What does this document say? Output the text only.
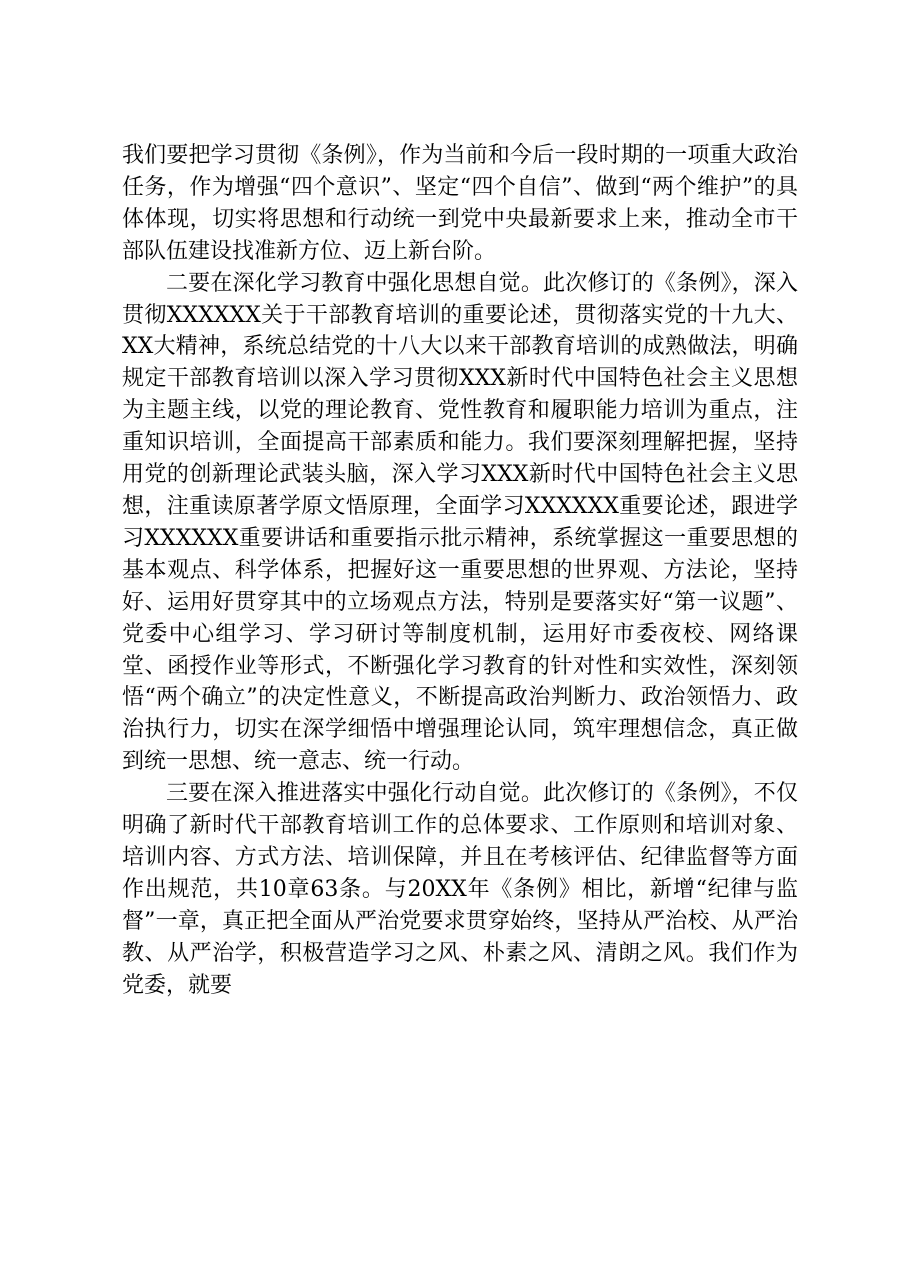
我们要把学习贯彻《条例》，作为当前和今后一段时期的一项重大政治任务，作为增强“四个意识”、坚定“四个自信”、做到“两个维护”的具体体现，切实将思想和行动统一到党中央最新要求上来，推动全市干部队伍建设找准新方位、迈上新台阶。

二要在深化学习教育中强化思想自觉。此次修订的《条例》，深入贯彻XXXXXX关于干部教育培训的重要论述，贯彻落实党的十九大、XX大精神，系统总结党的十八大以来干部教育培训的成熟做法，明确规定干部教育培训以深入学习贯彻XXX新时代中国特色社会主义思想为主题主线，以党的理论教育、党性教育和履职能力培训为重点，注重知识培训，全面提高干部素质和能力。我们要深刻理解把握，坚持用党的创新理论武装头脑，深入学习XXX新时代中国特色社会主义思想，注重读原著学原文悟原理，全面学习XXXXXX重要论述，跟进学习XXXXXX重要讲话和重要指示批示精神，系统掌握这一重要思想的基本观点、科学体系，把握好这一重要思想的世界观、方法论，坚持好、运用好贯穿其中的立场观点方法，特别是要落实好“第一议题”、党委中心组学习、学习研讨等制度机制，运用好市委夜校、网络课堂、函授作业等形式，不断强化学习教育的针对性和实效性，深刻领悟“两个确立”的决定性意义，不断提高政治判断力、政治领悟力、政治执行力，切实在深学细悟中增强理论认同，筑牢理想信念，真正做到统一思想、统一意志、统一行动。

三要在深入推进落实中强化行动自觉。此次修订的《条例》，不仅明确了新时代干部教育培训工作的总体要求、工作原则和培训对象、培训内容、方式方法、培训保障，并且在考核评估、纪律监督等方面作出规范，共10章63条。与20XX年《条例》相比，新增“纪律与监督”一章，真正把全面从严治党要求贯穿始终，坚持从严治校、从严治教、从严治学，积极营造学习之风、朴素之风、清朗之风。我们作为党委，就要
